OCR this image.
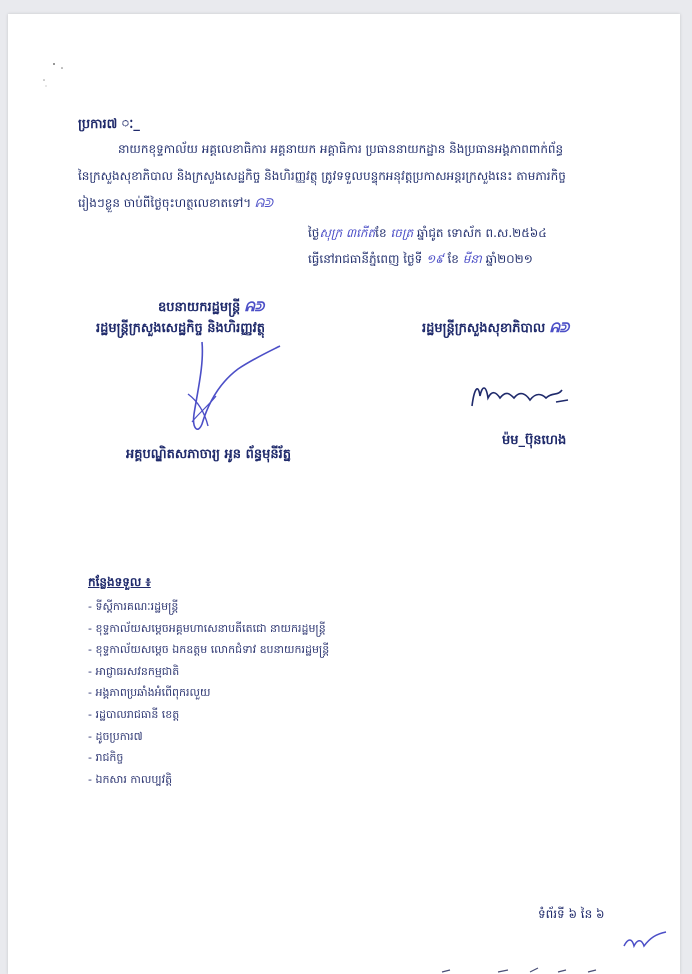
ប្រការ៧ ៈ_
នាយកខុទ្ទកាល័យ អគ្គលេខាធិការ អគ្គនាយក អគ្គាធិការ ប្រធាននាយកដ្ឋាន និងប្រធានអង្គភាពពាក់ព័ន្ធ
នៃក្រសួងសុខាភិបាល និងក្រសួងសេដ្ឋកិច្ច និងហិរញ្ញវត្ថុ ត្រូវទទួលបន្ទុកអនុវត្តប្រកាសអន្តរក្រសួងនេះ តាមភារកិច្ច
រៀងៗខ្លួន ចាប់ពីថ្ងៃចុះហត្ថលេខាតទៅ។ ᕱᕲ
ថ្ងៃសុក្រ ៣កើតខែ ចេត្រ ឆ្នាំជូត ទោស័ក ព.ស.២៥៦៤
ធ្វើនៅរាជធានីភ្នំពេញ ថ្ងៃទី ១៩ ខែ មីនា ឆ្នាំ២០២១
ឧបនាយករដ្ឋមន្ត្រី ᕱᕲ
រដ្ឋមន្ត្រីក្រសួងសេដ្ឋកិច្ច និងហិរញ្ញវត្ថុ	រដ្ឋមន្ត្រីក្រសួងសុខាភិបាល ᕱᕲ
អគ្គបណ្ឌិតសភាចារ្យ អូន ព័ន្ធមុនីរ័ត្ន
ម៉ម_ប៊ុនហេង
កន្លែងទទួល ៖
- ទីស្តីការគណៈរដ្ឋមន្ត្រី
- ខុទ្ទកាល័យសម្តេចអគ្គមហាសេនាបតីតេជោ នាយករដ្ឋមន្ត្រី
- ខុទ្ទកាល័យសម្តេច ឯកឧត្តម លោកជំទាវ ឧបនាយករដ្ឋមន្ត្រី
- អាជ្ញាធរសវនកម្មជាតិ
- អង្គភាពប្រឆាំងអំពើពុករលួយ
- រដ្ឋបាលរាជធានី ខេត្ត
- ដូចប្រការ៧
- រាជកិច្ច
- ឯកសារ កាលប្បវត្តិ
ទំព័រទី ៦ នៃ ៦
